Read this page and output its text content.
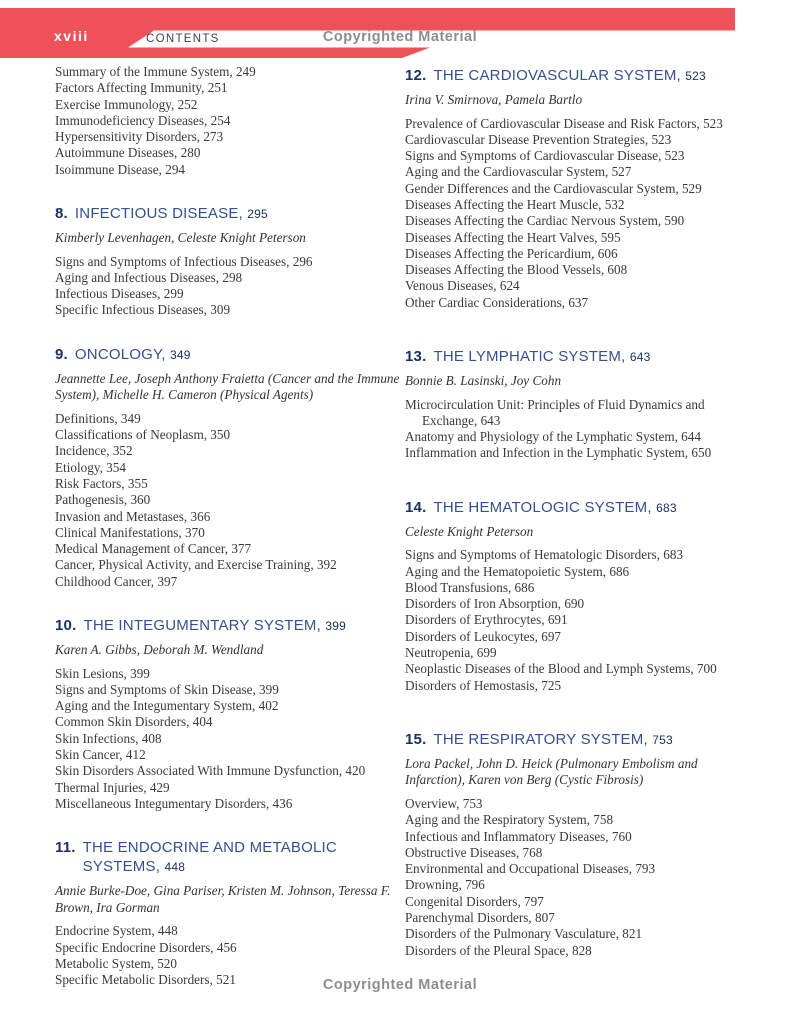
xviii	CONTENTS	Copyrighted Material
Summary of the Immune System, 249
Factors Affecting Immunity, 251
Exercise Immunology, 252
Immunodeficiency Diseases, 254
Hypersensitivity Disorders, 273
Autoimmune Diseases, 280
Isoimmune Disease, 294
8. INFECTIOUS DISEASE, 295
Kimberly Levenhagen, Celeste Knight Peterson
Signs and Symptoms of Infectious Diseases, 296
Aging and Infectious Diseases, 298
Infectious Diseases, 299
Specific Infectious Diseases, 309
9. ONCOLOGY, 349
Jeannette Lee, Joseph Anthony Fraietta (Cancer and the Immune System), Michelle H. Cameron (Physical Agents)
Definitions, 349
Classifications of Neoplasm, 350
Incidence, 352
Etiology, 354
Risk Factors, 355
Pathogenesis, 360
Invasion and Metastases, 366
Clinical Manifestations, 370
Medical Management of Cancer, 377
Cancer, Physical Activity, and Exercise Training, 392
Childhood Cancer, 397
10. THE INTEGUMENTARY SYSTEM, 399
Karen A. Gibbs, Deborah M. Wendland
Skin Lesions, 399
Signs and Symptoms of Skin Disease, 399
Aging and the Integumentary System, 402
Common Skin Disorders, 404
Skin Infections, 408
Skin Cancer, 412
Skin Disorders Associated With Immune Dysfunction, 420
Thermal Injuries, 429
Miscellaneous Integumentary Disorders, 436
11. THE ENDOCRINE AND METABOLIC SYSTEMS, 448
Annie Burke-Doe, Gina Pariser, Kristen M. Johnson, Teressa F. Brown, Ira Gorman
Endocrine System, 448
Specific Endocrine Disorders, 456
Metabolic System, 520
Specific Metabolic Disorders, 521
12. THE CARDIOVASCULAR SYSTEM, 523
Irina V. Smirnova, Pamela Bartlo
Prevalence of Cardiovascular Disease and Risk Factors, 523
Cardiovascular Disease Prevention Strategies, 523
Signs and Symptoms of Cardiovascular Disease, 523
Aging and the Cardiovascular System, 527
Gender Differences and the Cardiovascular System, 529
Diseases Affecting the Heart Muscle, 532
Diseases Affecting the Cardiac Nervous System, 590
Diseases Affecting the Heart Valves, 595
Diseases Affecting the Pericardium, 606
Diseases Affecting the Blood Vessels, 608
Venous Diseases, 624
Other Cardiac Considerations, 637
13. THE LYMPHATIC SYSTEM, 643
Bonnie B. Lasinski, Joy Cohn
Microcirculation Unit: Principles of Fluid Dynamics and Exchange, 643
Anatomy and Physiology of the Lymphatic System, 644
Inflammation and Infection in the Lymphatic System, 650
14. THE HEMATOLOGIC SYSTEM, 683
Celeste Knight Peterson
Signs and Symptoms of Hematologic Disorders, 683
Aging and the Hematopoietic System, 686
Blood Transfusions, 686
Disorders of Iron Absorption, 690
Disorders of Erythrocytes, 691
Disorders of Leukocytes, 697
Neutropenia, 699
Neoplastic Diseases of the Blood and Lymph Systems, 700
Disorders of Hemostasis, 725
15. THE RESPIRATORY SYSTEM, 753
Lora Packel, John D. Heick (Pulmonary Embolism and Infarction), Karen von Berg (Cystic Fibrosis)
Overview, 753
Aging and the Respiratory System, 758
Infectious and Inflammatory Diseases, 760
Obstructive Diseases, 768
Environmental and Occupational Diseases, 793
Drowning, 796
Congenital Disorders, 797
Parenchymal Disorders, 807
Disorders of the Pulmonary Vasculature, 821
Disorders of the Pleural Space, 828
Copyrighted Material
